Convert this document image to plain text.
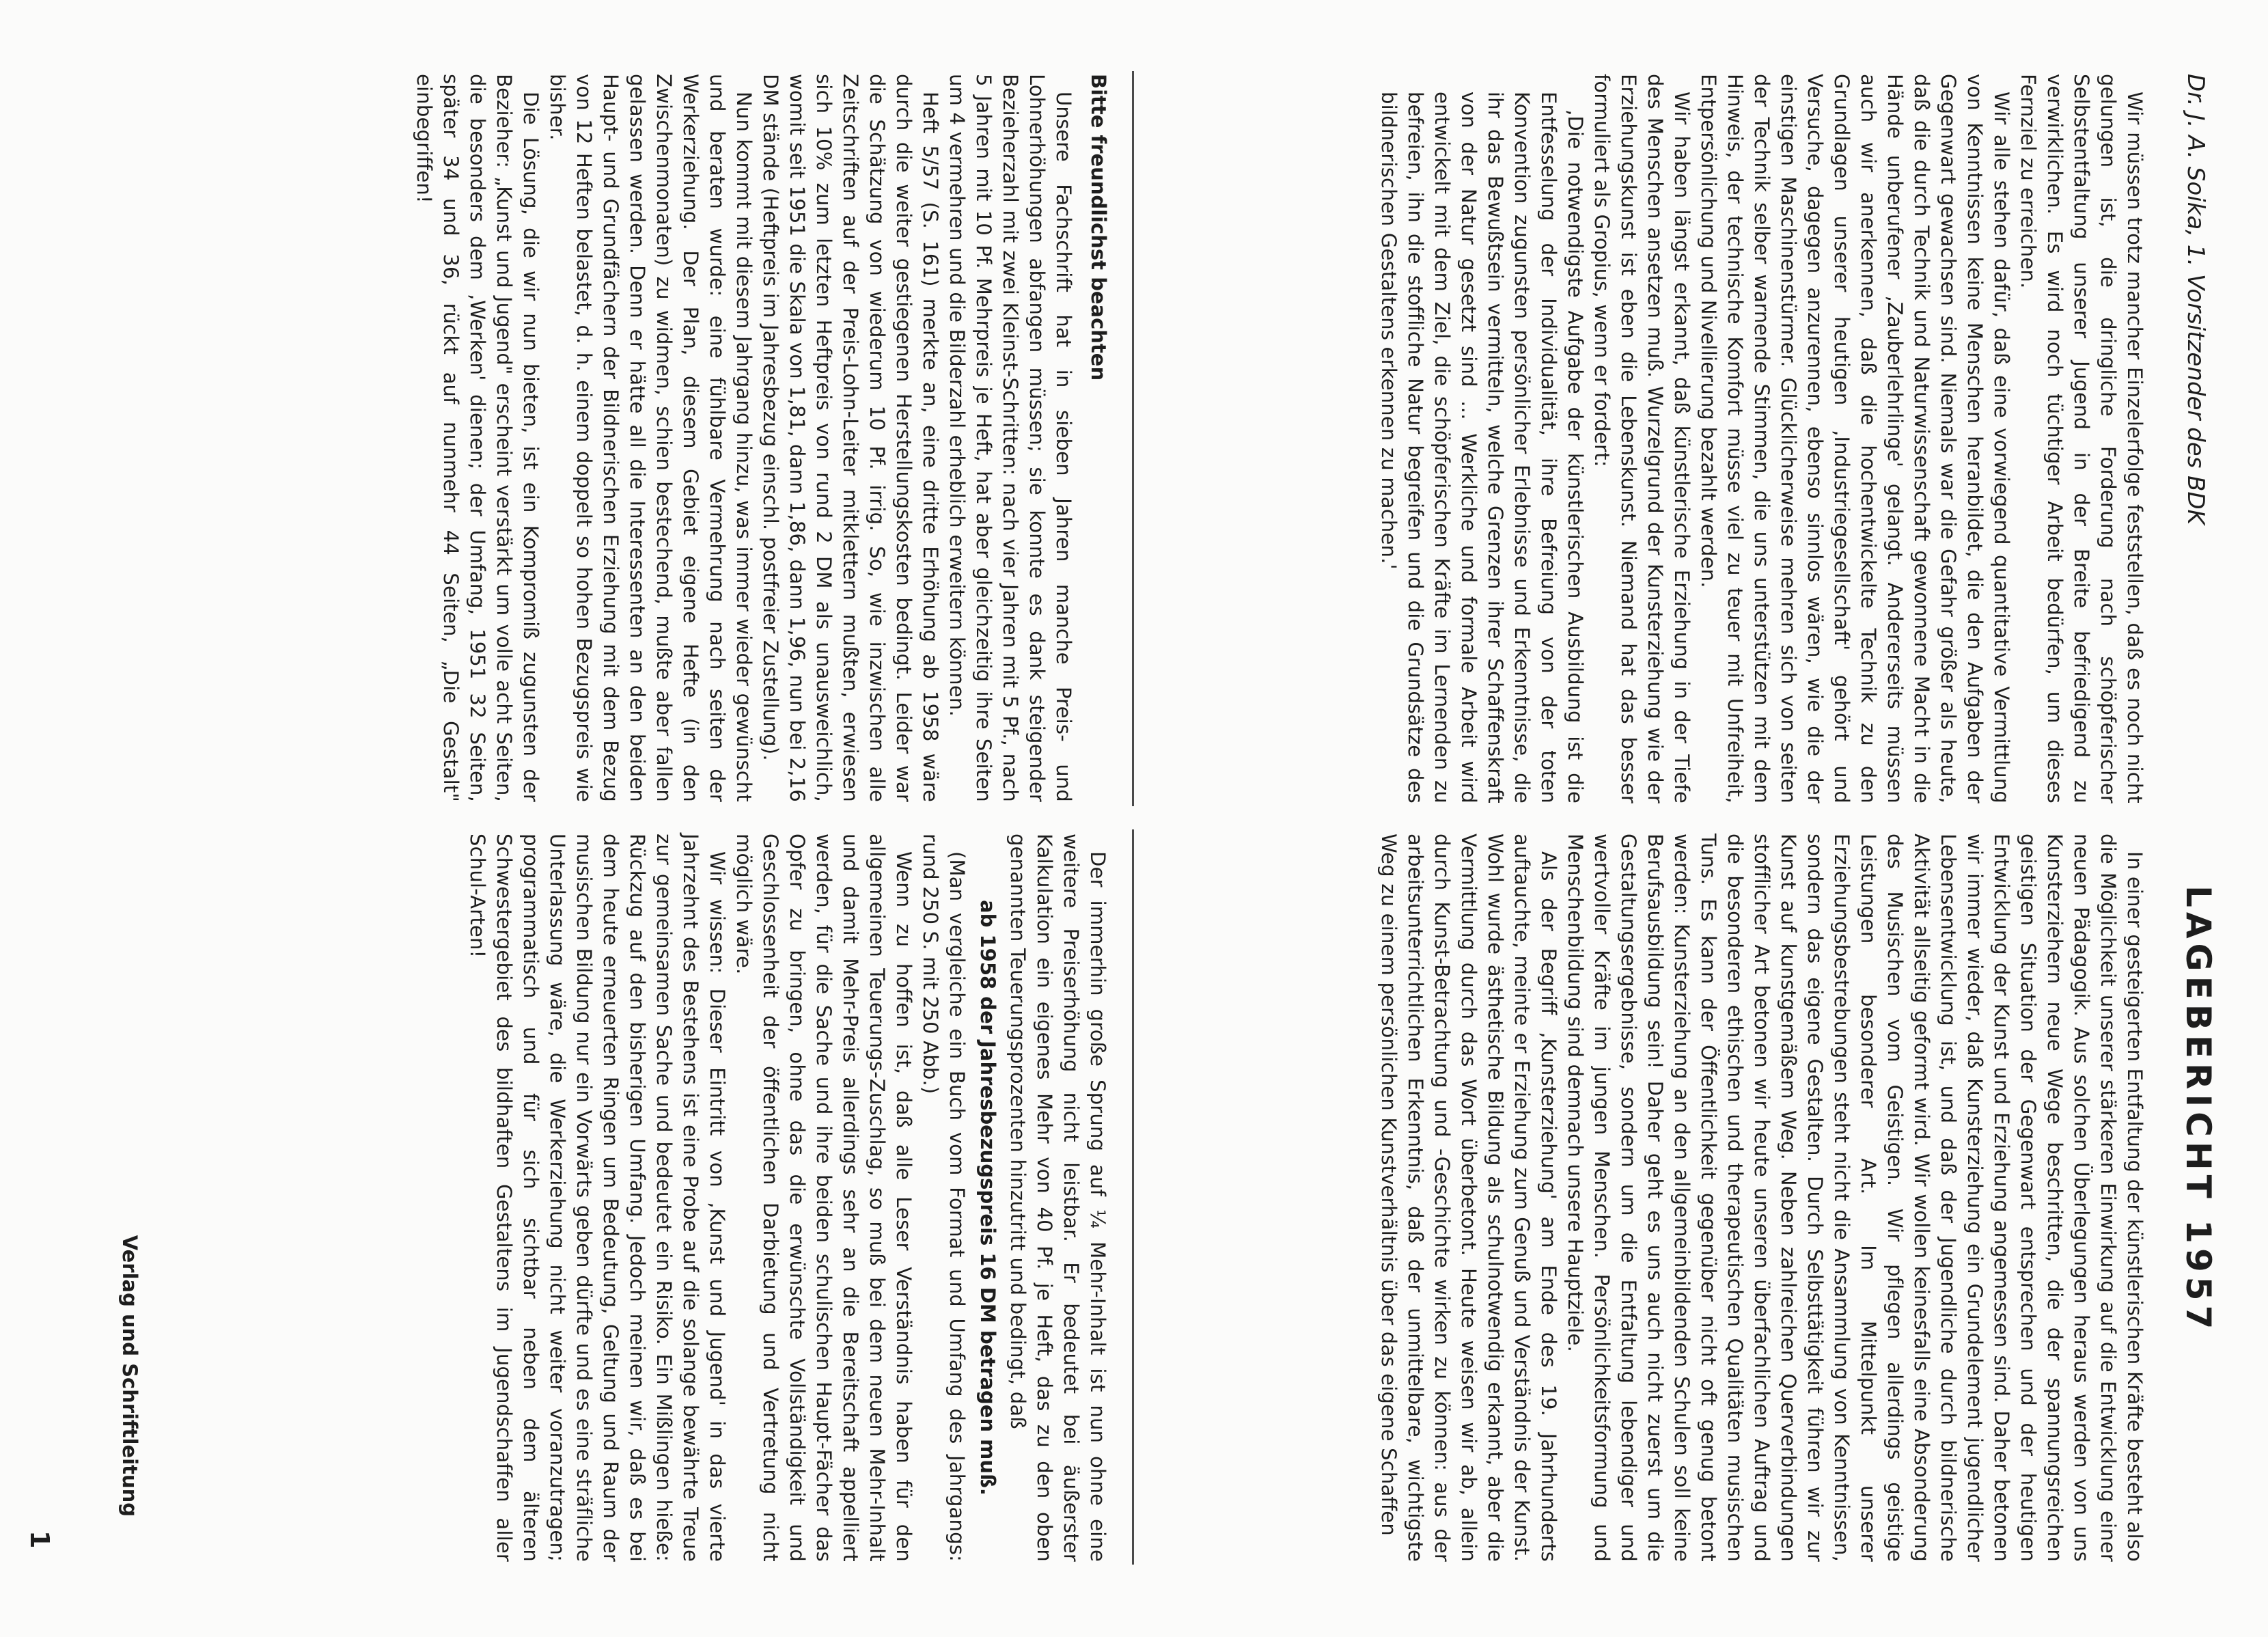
Dr. J. A. Soika, 1. Vorsitzender des BDK
LAGEBERICHT 1957

Wir müssen trotz mancher Einzelerfolge feststellen, daß es noch nicht gelungen ist, die dringliche Forderung nach schöpferischer Selbstentfaltung unserer Jugend in der Breite befriedigend zu verwirklichen. Es wird noch tüchtiger Arbeit bedürfen, um dieses Fernziel zu erreichen.

Wir alle stehen dafür, daß eine vorwiegend quantitative Vermittlung von Kenntnissen keine Menschen heranbildet, die den Aufgaben der Gegenwart gewachsen sind. Niemals war die Gefahr größer als heute, daß die durch Technik und Naturwissenschaft gewonnene Macht in die Hände unberufener ‚Zauberlehrlinge' gelangt. Andererseits müssen auch wir anerkennen, daß die hochentwickelte Technik zu den Grundlagen unserer heutigen ‚Industriegesellschaft' gehört und Versuche, dagegen anzurennen, ebenso sinnlos wären, wie die der einstigen Maschinenstürmer. Glücklicherweise mehren sich von seiten der Technik selber warnende Stimmen, die uns unterstützen mit dem Hinweis, der technische Komfort müsse viel zu teuer mit Unfreiheit, Entpersönlichung und Nivellierung bezahlt werden.

Wir haben längst erkannt, daß künstlerische Erziehung in der Tiefe des Menschen ansetzen muß. Wurzelgrund der Kunsterziehung wie der Erziehungskunst ist eben die Lebenskunst. Niemand hat das besser formuliert als Gropius, wenn er fordert:

‚Die notwendigste Aufgabe der künstlerischen Ausbildung ist die Entfesselung der Individualität, ihre Befreiung von der toten Konvention zugunsten persönlicher Erlebnisse und Erkenntnisse, die ihr das Bewußtsein vermitteln, welche Grenzen ihrer Schaffenskraft von der Natur gesetzt sind ... Werkliche und formale Arbeit wird entwickelt mit dem Ziel, die schöpferischen Kräfte im Lernenden zu befreien, ihn die stoffliche Natur begreifen und die Grundsätze des bildnerischen Gestaltens erkennen zu machen.'

In einer gesteigerten Entfaltung der künstlerischen Kräfte besteht also die Möglichkeit unserer stärkeren Einwirkung auf die Entwicklung einer neuen Pädagogik. Aus solchen Überlegungen heraus werden von uns Kunsterziehern neue Wege beschritten, die der spannungsreichen geistigen Situation der Gegenwart entsprechen und der heutigen Entwicklung der Kunst und Erziehung angemessen sind. Daher betonen wir immer wieder, daß Kunsterziehung ein Grundelement jugendlicher Lebensentwicklung ist, und daß der Jugendliche durch bildnerische Aktivität allseitig geformt wird. Wir wollen keinesfalls eine Absonderung des Musischen vom Geistigen. Wir pflegen allerdings geistige Leistungen besonderer Art. Im Mittelpunkt unserer Erziehungsbestrebungen steht nicht die Ansammlung von Kenntnissen, sondern das eigene Gestalten. Durch Selbsttätigkeit führen wir zur Kunst auf kunstgemäßem Weg. Neben zahlreichen Querverbindungen stofflicher Art betonen wir heute unseren überfachlichen Auftrag und die besonderen ethischen und therapeutischen Qualitäten musischen Tuns. Es kann der Öffentlichkeit gegenüber nicht oft genug betont werden: Kunsterziehung an den allgemeinbildenden Schulen soll keine Berufsausbildung sein! Daher geht es uns auch nicht zuerst um die Gestaltungsergebnisse, sondern um die Entfaltung lebendiger und wertvoller Kräfte im jungen Menschen. Persönlichkeitsformung und Menschenbildung sind demnach unsere Hauptziele.

Als der Begriff ‚Kunsterziehung' am Ende des 19. Jahrhunderts auftauchte, meinte er Erziehung zum Genuß und Verständnis der Kunst. Wohl wurde ästhetische Bildung als schulnotwendig erkannt, aber die Vermittlung durch das Wort überbetont. Heute weisen wir ab, allein durch Kunst-Betrachtung und -Geschichte wirken zu können: aus der arbeitsunterrichtlichen Erkenntnis, daß der unmittelbare, wichtigste Weg zu einem persönlichen Kunstverhältnis über das eigene Schaffen

Bitte freundlichst beachten

Unsere Fachschrift hat in sieben Jahren manche Preis- und Lohnerhöhungen abfangen müssen; sie konnte es dank steigender Bezieherzahl mit zwei Kleinst-Schritten: nach vier Jahren mit 5 Pf., nach 5 Jahren mit 10 Pf. Mehrpreis je Heft, hat aber gleichzeitig ihre Seiten um 4 vermehren und die Bilderzahl erheblich erweitern können.

Heft 5/57 (S. 161) merkte an, eine dritte Erhöhung ab 1958 wäre durch die weiter gestiegenen Herstellungskosten bedingt. Leider war die Schätzung von wiederum 10 Pf. irrig. So, wie inzwischen alle Zeitschriften auf der Preis-Lohn-Leiter mitklettern mußten, erwiesen sich 10% zum letzten Heftpreis von rund 2 DM als unausweichlich, womit seit 1951 die Skala von 1,81, dann 1,86, dann 1,96, nun bei 2,16 DM stände (Heftpreis im Jahresbezug einschl. postfreier Zustellung).

Nun kommt mit diesem Jahrgang hinzu, was immer wieder gewünscht und beraten wurde: eine fühlbare Vermehrung nach seiten der Werkerziehung. Der Plan, diesem Gebiet eigene Hefte (in den Zwischenmonaten) zu widmen, schien bestechend, mußte aber fallen gelassen werden. Denn er hätte all die Interessenten an den beiden Haupt- und Grundfächern der Bildnerischen Erziehung mit dem Bezug von 12 Heften belastet, d. h. einem doppelt so hohen Bezugspreis wie bisher.

Die Lösung, die wir nun bieten, ist ein Kompromiß zugunsten der Bezieher: „Kunst und Jugend" erscheint verstärkt um volle acht Seiten, die besonders dem ‚Werken' dienen; der Umfang, 1951 32 Seiten, später 34 und 36, rückt auf nunmehr 44 Seiten, „Die Gestalt" einbegriffen!

Der immerhin große Sprung auf ¼ Mehr-Inhalt ist nun ohne eine weitere Preiserhöhung nicht leistbar. Er bedeutet bei äußerster Kalkulation ein eigenes Mehr von 40 Pf. je Heft, das zu den oben genannten Teuerungsprozenten hinzutritt und bedingt, daß

ab 1958 der Jahresbezugspreis 16 DM betragen muß.

(Man vergleiche ein Buch vom Format und Umfang des Jahrgangs: rund 250 S. mit 250 Abb.)

Wenn zu hoffen ist, daß alle Leser Verständnis haben für den allgemeinen Teuerungs-Zuschlag, so muß bei dem neuen Mehr-Inhalt und damit Mehr-Preis allerdings sehr an die Bereitschaft appelliert werden, für die Sache und ihre beiden schulischen Haupt-Fächer das Opfer zu bringen, ohne das die erwünschte Vollständigkeit und Geschlossenheit der öffentlichen Darbietung und Vertretung nicht möglich wäre.

Wir wissen: Dieser Eintritt von ‚Kunst und Jugend' in das vierte Jahrzehnt des Bestehens ist eine Probe auf die solange bewährte Treue zur gemeinsamen Sache und bedeutet ein Risiko. Ein Mißlingen hieße: Rückzug auf den bisherigen Umfang. Jedoch meinen wir, daß es bei dem heute erneuerten Ringen um Bedeutung, Geltung und Raum der musischen Bildung nur ein Vorwärts geben dürfte und es eine sträfliche Unterlassung wäre, die Werkerziehung nicht weiter voranzutragen; programmatisch und für sich sichtbar neben dem älteren Schwestergebiet des bildhaften Gestaltens im Jugendschaffen aller Schul-Arten!

Verlag und Schriftleitung
1
